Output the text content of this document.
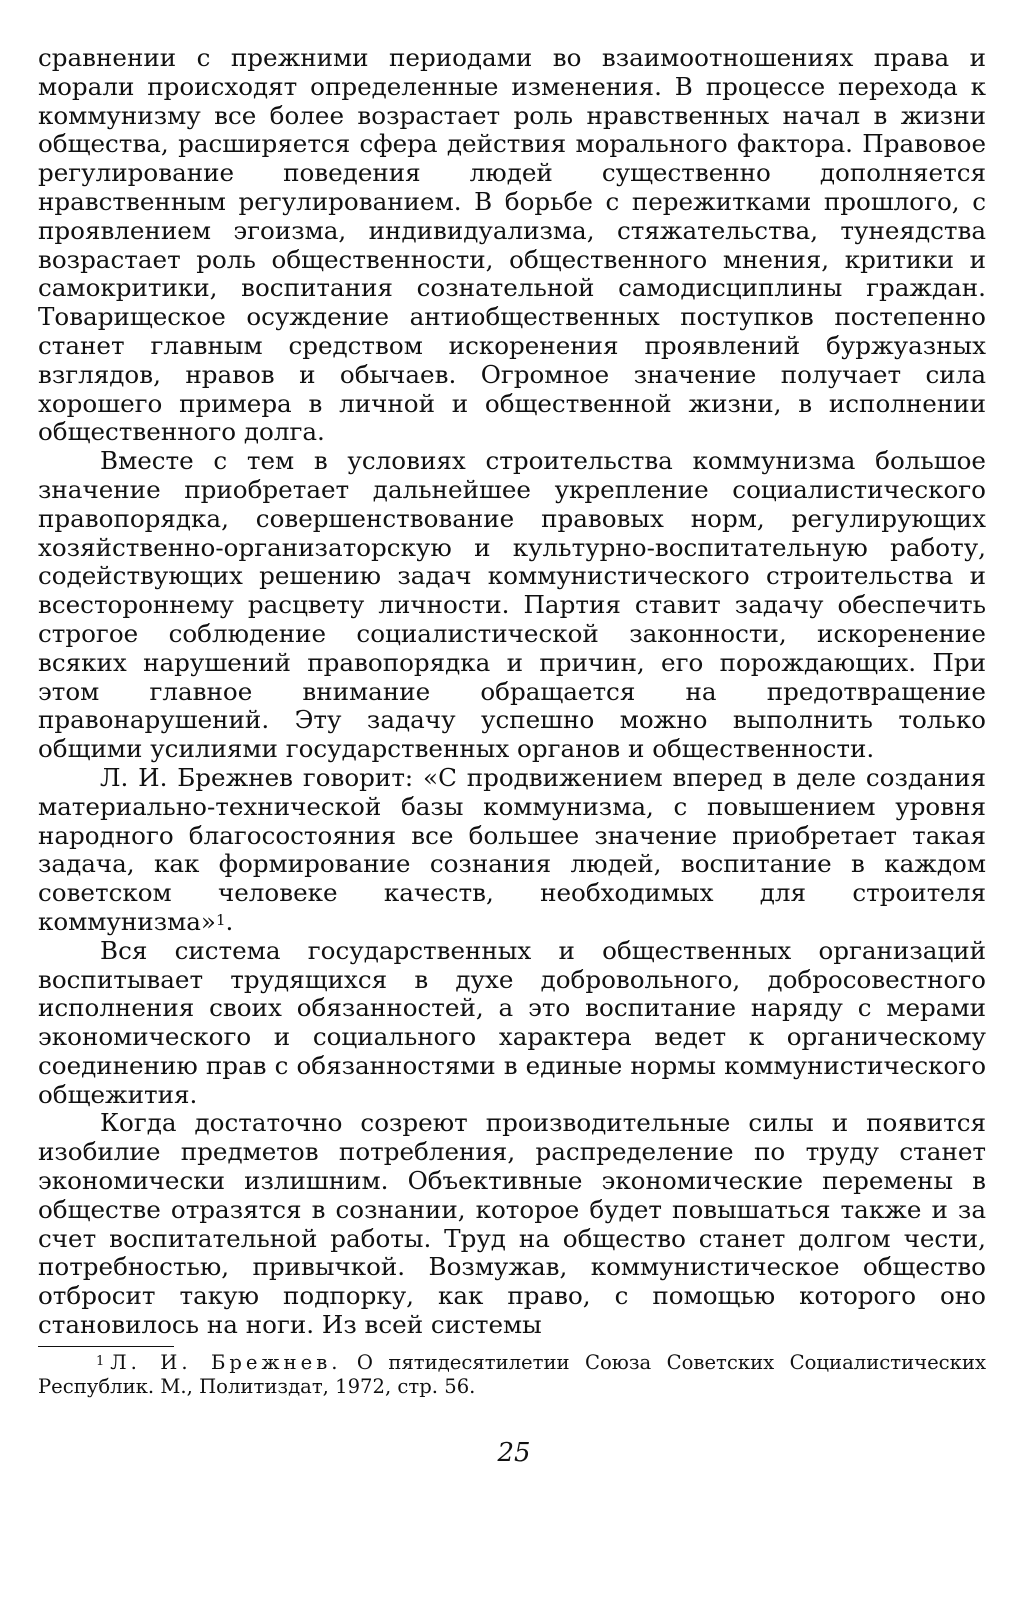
сравнении с прежними периодами во взаимоотношениях права и морали происходят определенные изменения. В процессе перехода к коммунизму все более возрастает роль нравственных начал в жизни общества, расширяется сфера действия морального фактора. Правовое регулирование поведения людей существенно дополняется нравственным регулированием. В борьбе с пережитками прошлого, с проявлением эгоизма, индивидуализма, стяжательства, тунеядства возрастает роль общественности, общественного мнения, критики и самокритики, воспитания сознательной самодисциплины граждан. Товарищеское осуждение антиобщественных поступков постепенно станет главным средством искоренения проявлений буржуазных взглядов, нравов и обычаев. Огромное значение получает сила хорошего примера в личной и общественной жизни, в исполнении общественного долга.

Вместе с тем в условиях строительства коммунизма большое значение приобретает дальнейшее укрепление социалистического правопорядка, совершенствование правовых норм, регулирующих хозяйственно-организаторскую и культурно-воспитательную работу, содействующих решению задач коммунистического строительства и всестороннему расцвету личности. Партия ставит задачу обеспечить строгое соблюдение социалистической законности, искоренение всяких нарушений правопорядка и причин, его порождающих. При этом главное внимание обращается на предотвращение правонарушений. Эту задачу успешно можно выполнить только общими усилиями государственных органов и общественности.

Л. И. Брежнев говорит: «С продвижением вперед в деле создания материально-технической базы коммунизма, с повышением уровня народного благосостояния все большее значение приобретает такая задача, как формирование сознания людей, воспитание в каждом советском человеке качеств, необходимых для строителя коммунизма»$^1$.

Вся система государственных и общественных организаций воспитывает трудящихся в духе добровольного, добросовестного исполнения своих обязанностей, а это воспитание наряду с мерами экономического и социального характера ведет к органическому соединению прав с обязанностями в единые нормы коммунистического общежития.

Когда достаточно созреют производительные силы и появится изобилие предметов потребления, распределение по труду станет экономически излишним. Объективные экономические перемены в обществе отразятся в сознании, которое будет повышаться также и за счет воспитательной работы. Труд на общество станет долгом чести, потребностью, привычкой. Возмужав, коммунистическое общество отбросит такую подпорку, как право, с помощью которого оно становилось на ноги. Из всей системы

$^1$ Л. И. Брежнев. О пятидесятилетии Союза Советских Социалистических Республик. М., Политиздат, 1972, стр. 56.

25
